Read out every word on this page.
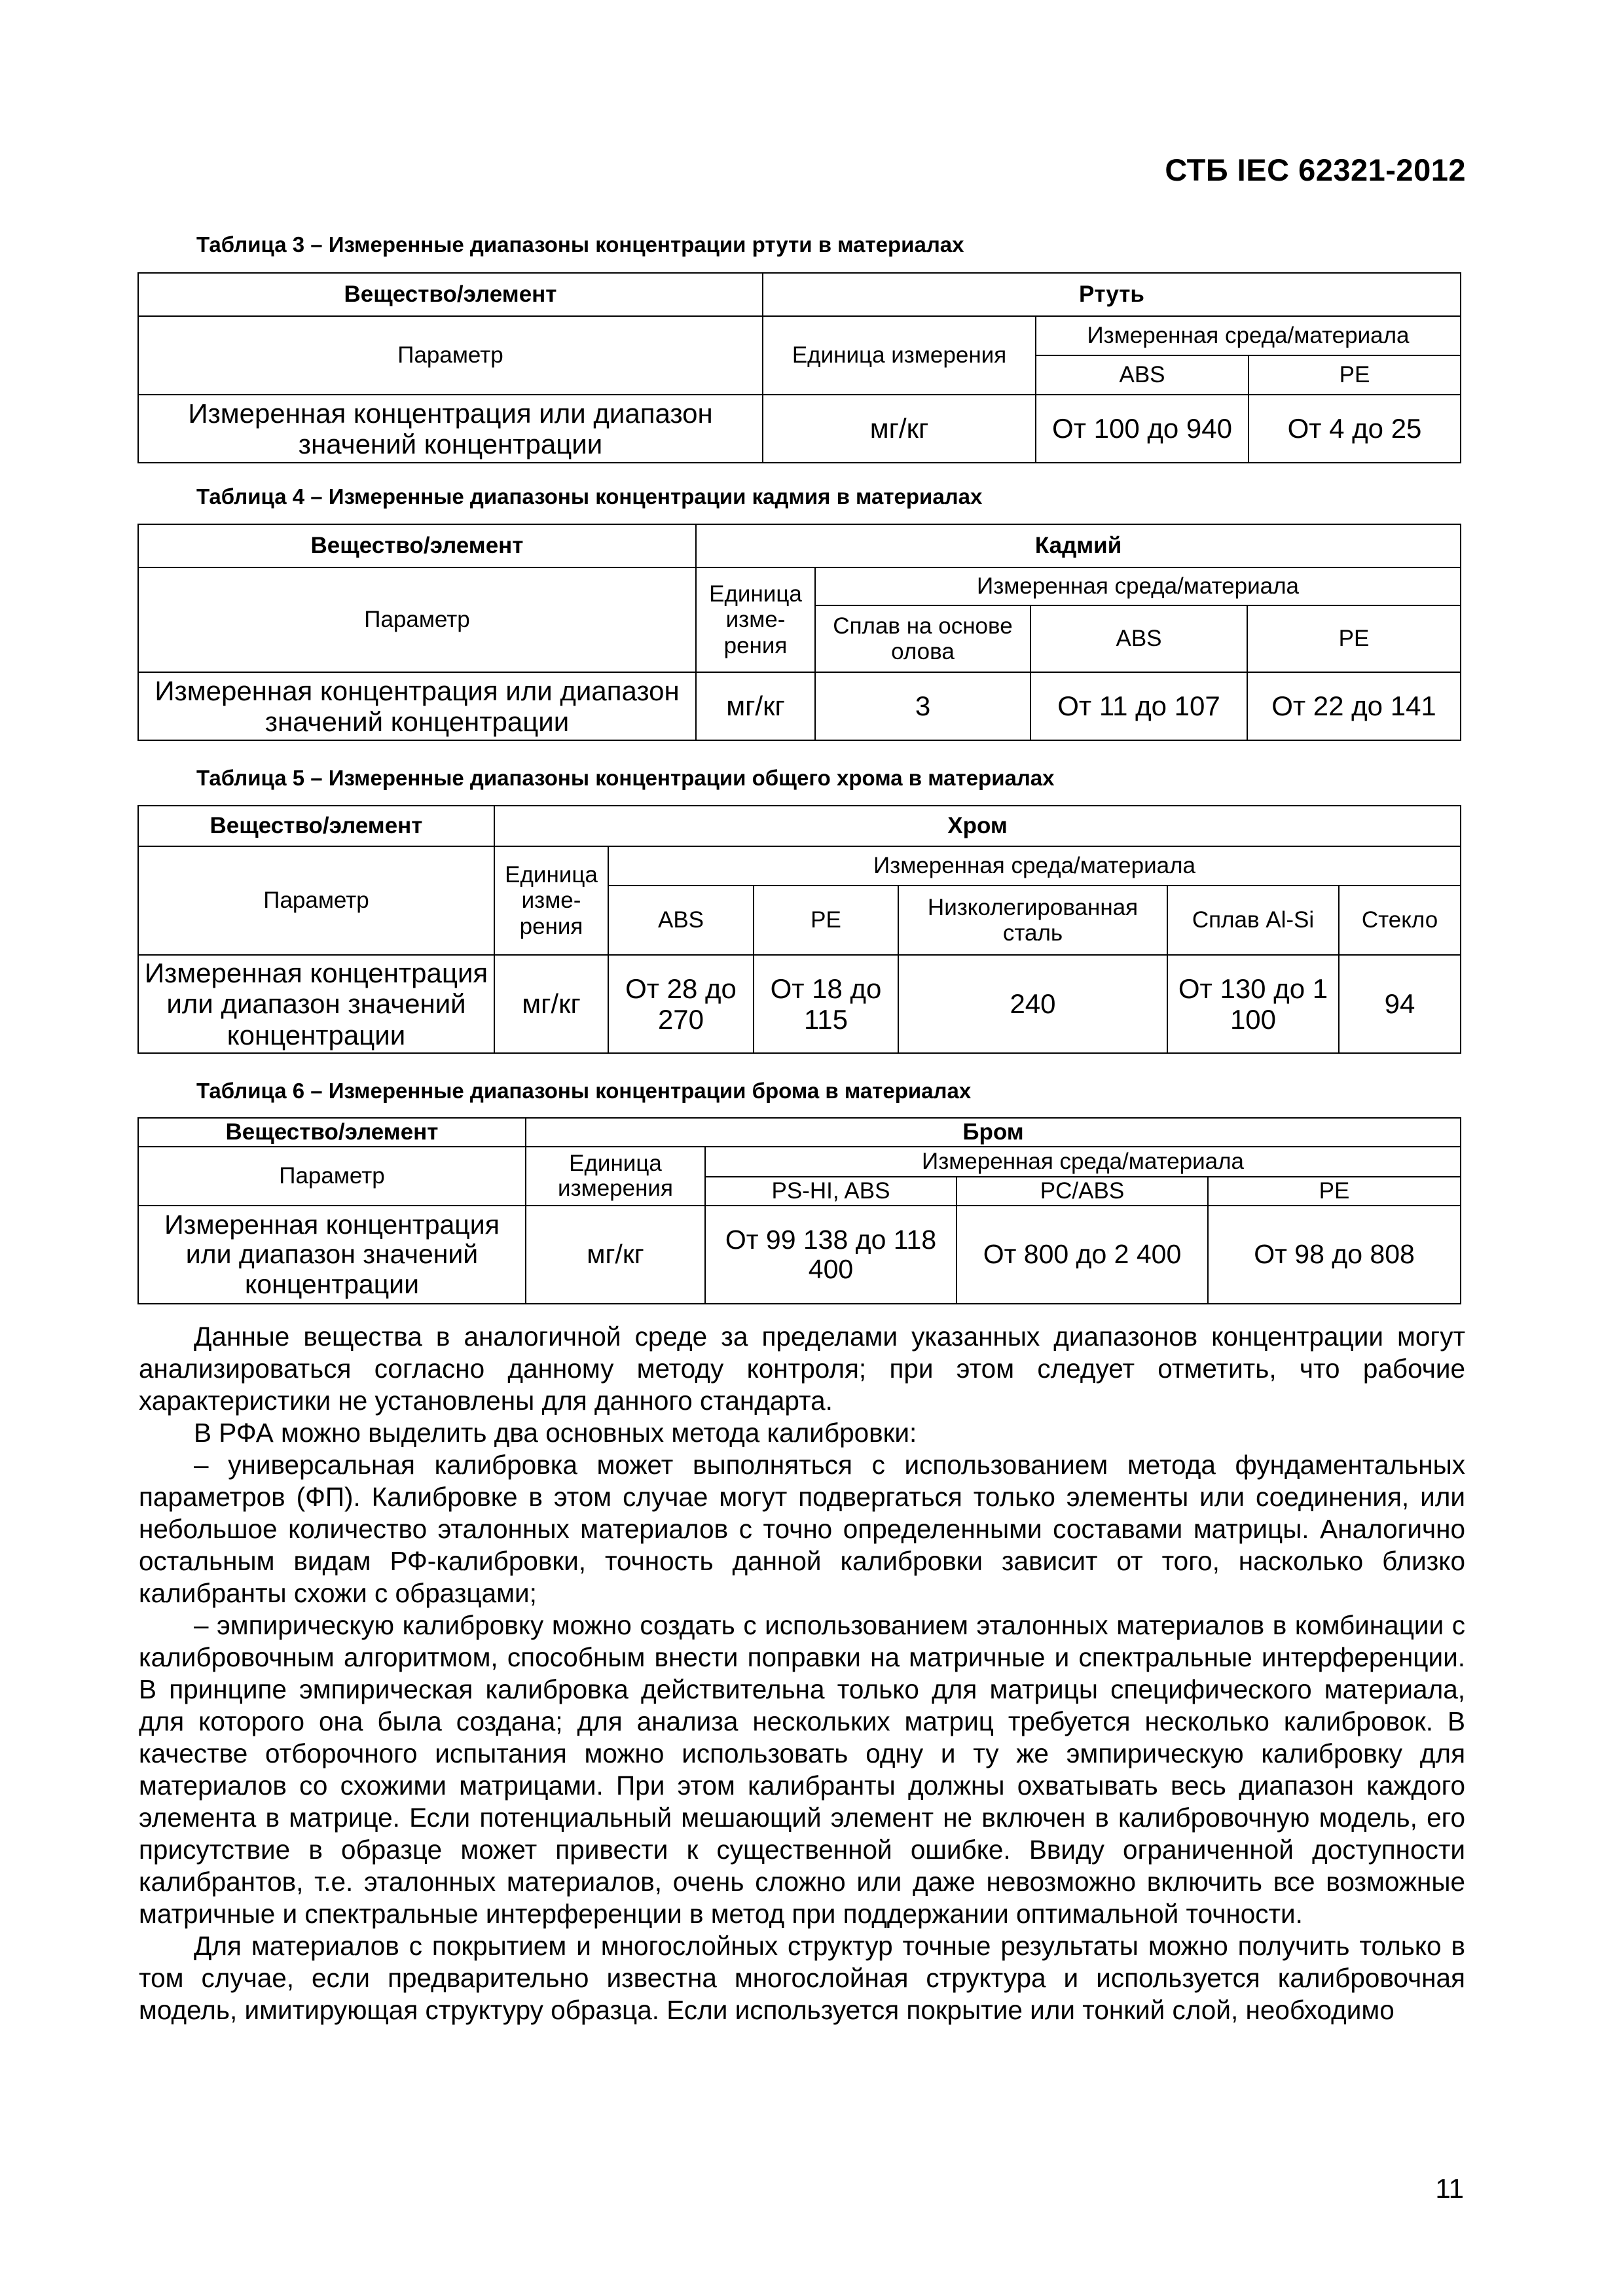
СТБ IEC 62321-2012
Таблица 3 – Измеренные диапазоны концентрации ртути в материалах
Вещество/элемент	Ртуть		
Параметр	Единица измерения	Измеренная среда/материала	
		ABS	PE
Измеренная концентрация или диапазон значений концентрации	мг/кг	От 100 до 940	От 4 до 25
Таблица 4 – Измеренные диапазоны концентрации кадмия в материалах
Вещество/элемент	Кадмий			
Параметр	Единица изме-рения	Измеренная среда/материала		
		Сплав на основе олова	ABS	PE
Измеренная концентрация или диапазон значений концентрации	мг/кг	3	От 11 до 107	От 22 до 141
Таблица 5 – Измеренные диапазоны концентрации общего хрома в материалах
Вещество/элемент	Хром					
Параметр	Единица изме-рения	Измеренная среда/материала				
		ABS	PE	Низколегированная сталь	Сплав Al-Si	Стекло
Измеренная концентрация или диапазон значений концентрации	мг/кг	От 28 до 270	От 18 до 115	240	От 130 до 1 100	94
Таблица 6 – Измеренные диапазоны концентрации брома в материалах
Вещество/элемент	Бром			
Параметр	Единица измерения	Измеренная среда/материала		
		PS-HI, ABS	PC/ABS	PE
Измеренная концентрация или диапазон значений концентрации	мг/кг	От 99 138 до 118 400	От 800 до 2 400	От 98 до 808

Данные вещества в аналогичной среде за пределами указанных диапазонов концентрации могут анализироваться согласно данному методу контроля; при этом следует отметить, что рабочие характеристики не установлены для данного стандарта.

В РФА можно выделить два основных метода калибровки:

– универсальная калибровка может выполняться с использованием метода фундаментальных параметров (ФП). Калибровке в этом случае могут подвергаться только элементы или соединения, или небольшое количество эталонных материалов с точно определенными составами матрицы. Аналогично остальным видам РФ-калибровки, точность данной калибровки зависит от того, насколько близко калибранты схожи с образцами;

– эмпирическую калибровку можно создать с использованием эталонных материалов в комбинации с калибровочным алгоритмом, способным внести поправки на матричные и спектральные интерференции. В принципе эмпирическая калибровка действительна только для матрицы специфического материала, для которого она была создана; для анализа нескольких матриц требуется несколько калибровок. В качестве отборочного испытания можно использовать одну и ту же эмпирическую калибровку для материалов со схожими матрицами. При этом калибранты должны охватывать весь диапазон каждого элемента в матрице. Если потенциальный мешающий элемент не включен в калибровочную модель, его присутствие в образце может привести к существенной ошибке. Ввиду ограниченной доступности калибрантов, т.е. эталонных материалов, очень сложно или даже невозможно включить все возможные матричные и спектральные интерференции в метод при поддержании оптимальной точности.

Для материалов с покрытием и многослойных структур точные результаты можно получить только в том случае, если предварительно известна многослойная структура и используется калибровочная модель, имитирующая структуру образца. Если используется покрытие или тонкий слой, необходимо

11
